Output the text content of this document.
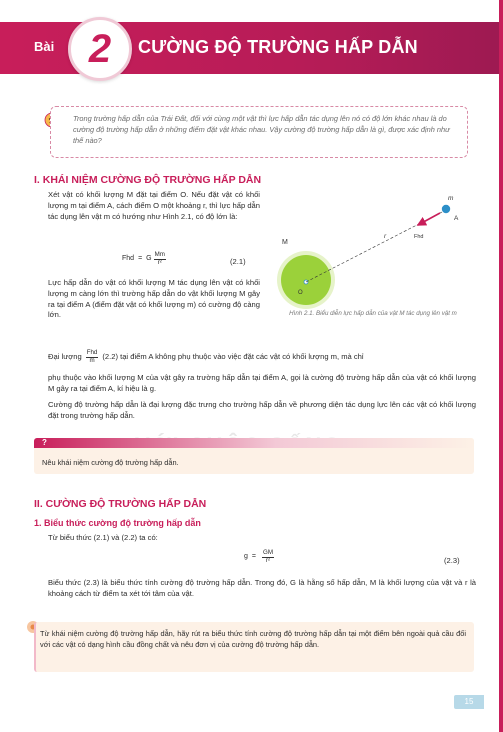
Bài 2 CƯỜNG ĐỘ TRƯỜNG HẤP DẪN
Trong trường hấp dẫn của Trái Đất, đối với cùng một vật thì lực hấp dẫn tác dụng lên nó có độ lớn khác nhau là do cường độ trường hấp dẫn ở những điểm đặt vật khác nhau. Vậy cường độ trường hấp dẫn là gì, được xác định như thế nào?
I. KHÁI NIỆM CƯỜNG ĐỘ TRƯỜNG HẤP DẪN
Xét vật có khối lượng M đặt tại điểm O. Nếu đặt vật có khối lượng m tại điểm A, cách điểm O một khoảng r, thì lực hấp dẫn tác dụng lên vật m có hướng như Hình 2.1, có độ lớn là:
Fhd = G $\frac{Mm}{\text{r²}}$	(2.1)
Lực hấp dẫn do vật có khối lượng M tác dụng lên vật có khối lượng m càng lớn thì trường hấp dẫn do vật khối lượng M gây ra tại điểm A (điểm đặt vật có khối lượng m) có cường độ càng lớn.
M
O
r
m
A
Fhd
Hình 2.1. Biểu diễn lực hấp dẫn của vật M tác dụng lên vật m
Đại lượng $\frac{\text{Fhd}}{m} (2.2)$ tại điểm A không phụ thuộc vào việc đặt các vật có khối lượng m, mà chỉ
phụ thuộc vào khối lượng M của vật gây ra trường hấp dẫn tại điểm A, gọi là cường độ trường hấp dẫn của vật có khối lượng M gây ra tại điểm A, kí hiệu là g.
Cường độ trường hấp dẫn là đại lượng đặc trưng cho trường hấp dẫn về phương diện tác dụng lực lên các vật có khối lượng đặt trong trường hấp dẫn.
?
Nêu khái niệm cường độ trường hấp dẫn.
II. CƯỜNG ĐỘ TRƯỜNG HẤP DẪN
1. Biểu thức cường độ trường hấp dẫn
Từ biểu thức (2.1) và (2.2) ta có:
$g = \frac{GM}{\text{r²}}$	(2.3)
Biểu thức (2.3) là biểu thức tính cường độ trường hấp dẫn. Trong đó, G là hằng số hấp dẫn, M là khối lượng của vật và r là khoảng cách từ điểm ta xét tới tâm của vật.
Từ khái niệm cường độ trường hấp dẫn, hãy rút ra biểu thức tính cường độ trường hấp dẫn tại một điểm bên ngoài quả cầu đối với các vật có dạng hình cầu đồng chất và nêu đơn vị của cường độ trường hấp dẫn.
15
